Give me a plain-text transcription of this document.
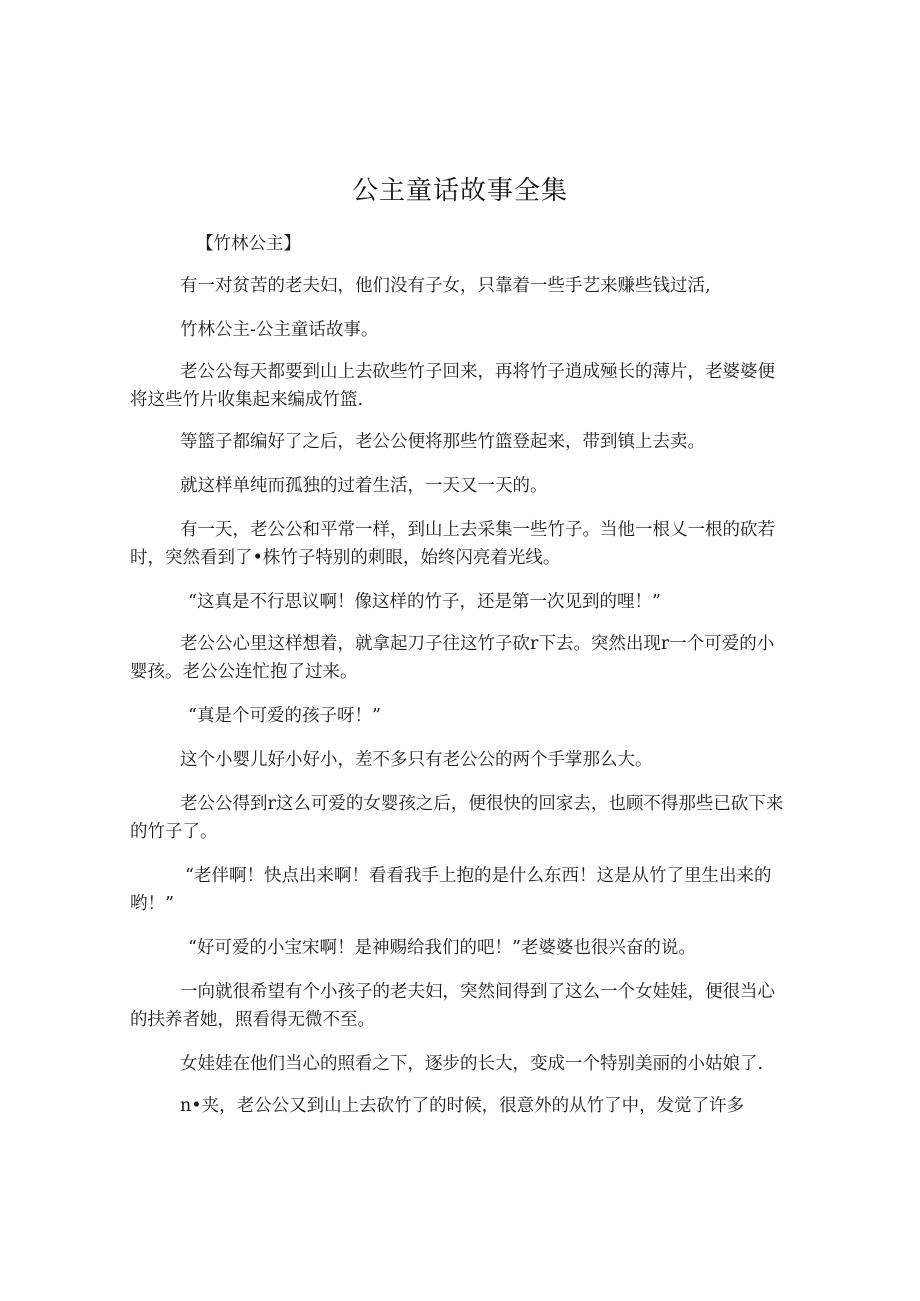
公主童话故事全集

【竹林公主】

有一对贫苦的老夫妇，他们没有子女，只靠着一些手艺来赚些钱过活,

竹林公主-公主童话故事。

老公公每天都要到山上去砍些竹子回来，再将竹子逍成殛长的薄片，老婆婆便将这些竹片收集起来编成竹篮.

等篮子都编好了之后，老公公便将那些竹篮登起来，带到镇上去卖。

就这样单纯而孤独的过着生活，一天又一天的。

有一天，老公公和平常一样，到山上去采集一些竹子。当他一根乂一根的砍若时，突然看到了•株竹子特别的刺眼，始终闪亮着光线。

“这真是不行思议啊！像这样的竹子，还是第一次见到的哩！”

老公公心里这样想着，就拿起刀子往这竹子砍r下去。突然出现r一个可爱的小婴孩。老公公连忙抱了过来。

“真是个可爱的孩子呀！”

这个小婴儿好小好小，差不多只有老公公的两个手掌那么大。

老公公得到r这么可爱的女婴孩之后，便很快的回家去，也顾不得那些已砍下来的竹子了。

“老伴啊！快点出来啊！看看我手上抱的是什么东西！这是从竹了里生出来的哟！”

“好可爱的小宝宋啊！是神赐给我们的吧！”老婆婆也很兴奋的说。

一向就很希望有个小孩子的老夫妇，突然间得到了这么一个女娃娃，便很当心的扶养者她，照看得无微不至。

女娃娃在他们当心的照看之下，逐步的长大，变成一个特别美丽的小姑娘了.

n•夹，老公公又到山上去砍竹了的时候，很意外的从竹了中，发觉了许多
